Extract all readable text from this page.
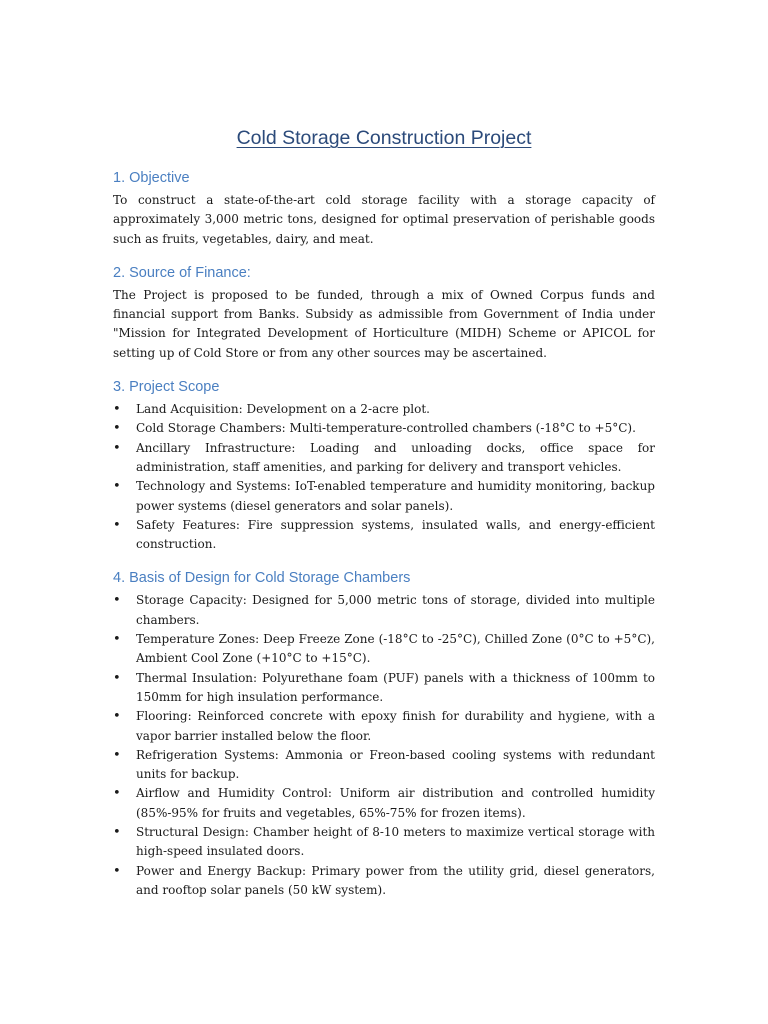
Cold Storage Construction Project
1. Objective

To construct a state-of-the-art cold storage facility with a storage capacity of approximately 3,000 metric tons, designed for optimal preservation of perishable goods such as fruits, vegetables, dairy, and meat.

2. Source of Finance:

The Project is proposed to be funded, through a mix of Owned Corpus funds and financial support from Banks. Subsidy as admissible from Government of India under "Mission for Integrated Development of Horticulture (MIDH) Scheme or APICOL for setting up of Cold Store or from any other sources may be ascertained.

3. Project Scope
• Land Acquisition: Development on a 2-acre plot.
• Cold Storage Chambers: Multi-temperature-controlled chambers (-18°C to +5°C).
• Ancillary Infrastructure: Loading and unloading docks, office space for administration, staff amenities, and parking for delivery and transport vehicles.
• Technology and Systems: IoT-enabled temperature and humidity monitoring, backup power systems (diesel generators and solar panels).
• Safety Features: Fire suppression systems, insulated walls, and energy-efficient construction.
4. Basis of Design for Cold Storage Chambers
• Storage Capacity: Designed for 5,000 metric tons of storage, divided into multiple chambers.
• Temperature Zones: Deep Freeze Zone (-18°C to -25°C), Chilled Zone (0°C to +5°C), Ambient Cool Zone (+10°C to +15°C).
• Thermal Insulation: Polyurethane foam (PUF) panels with a thickness of 100mm to 150mm for high insulation performance.
• Flooring: Reinforced concrete with epoxy finish for durability and hygiene, with a vapor barrier installed below the floor.
• Refrigeration Systems: Ammonia or Freon-based cooling systems with redundant units for backup.
• Airflow and Humidity Control: Uniform air distribution and controlled humidity (85%-95% for fruits and vegetables, 65%-75% for frozen items).
• Structural Design: Chamber height of 8-10 meters to maximize vertical storage with high-speed insulated doors.
• Power and Energy Backup: Primary power from the utility grid, diesel generators, and rooftop solar panels (50 kW system).
